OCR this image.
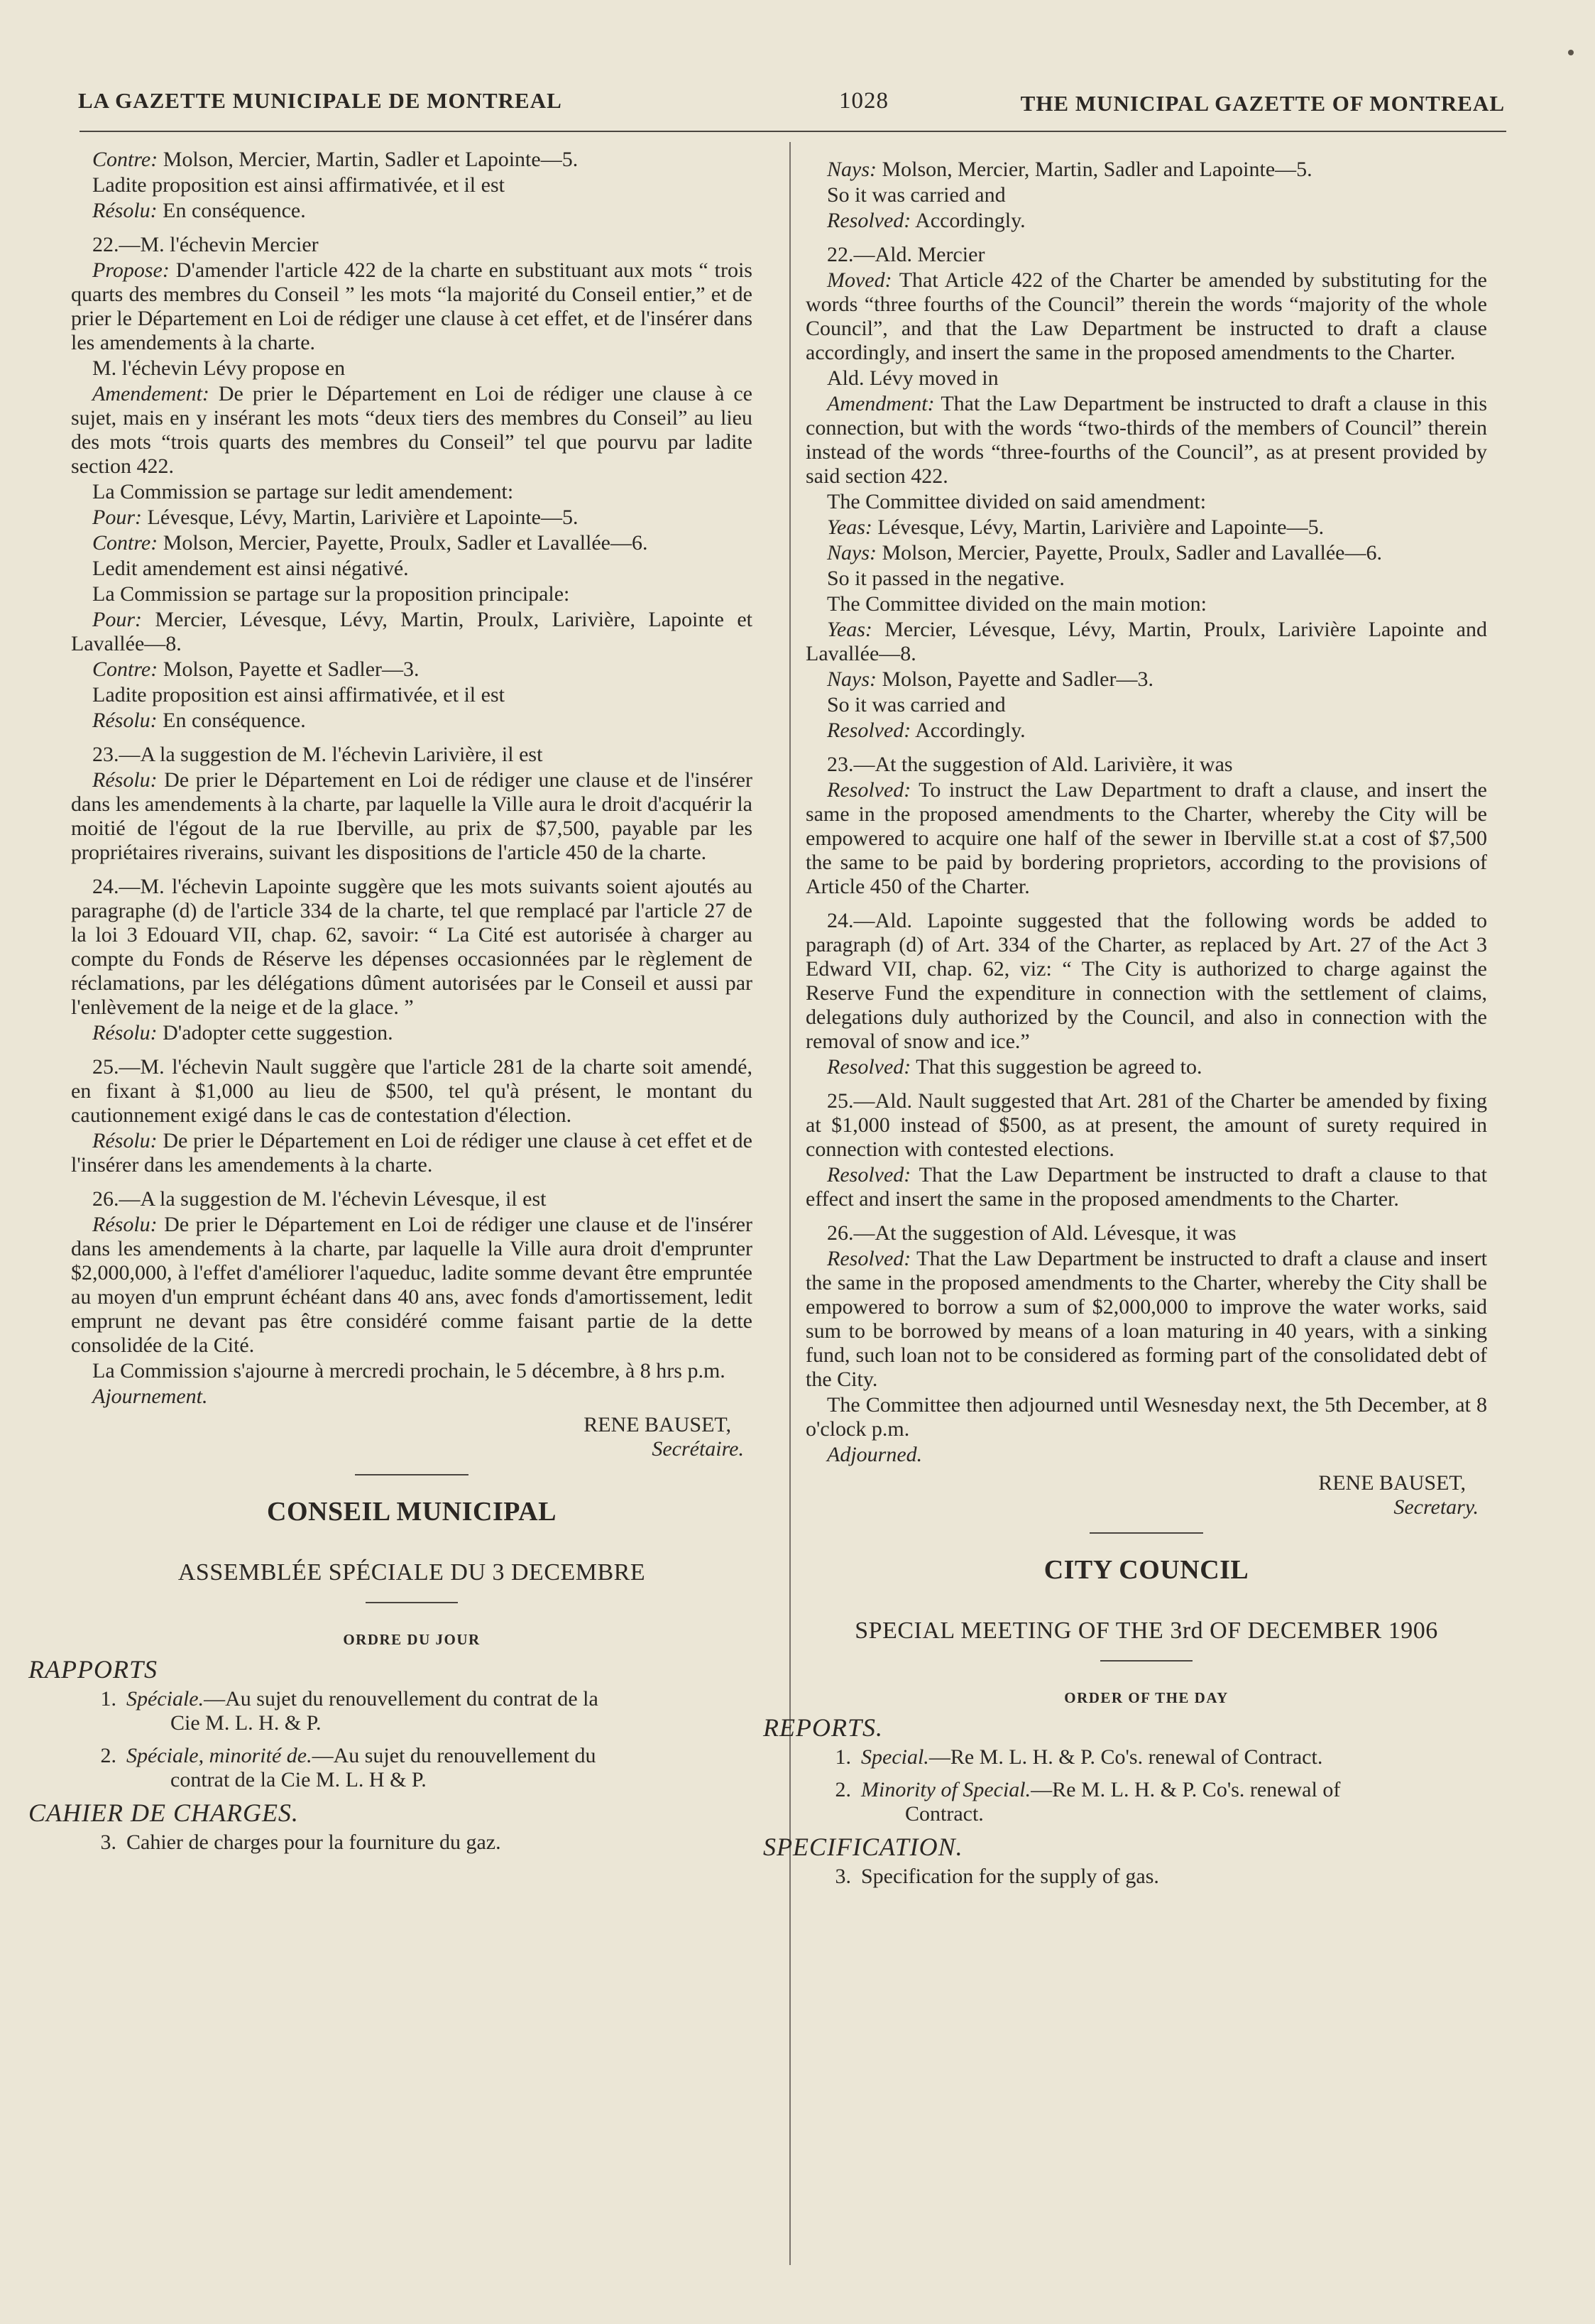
LA GAZETTE MUNICIPALE DE MONTREAL	1028	THE MUNICIPAL GAZETTE OF MONTREAL

Contre: Molson, Mercier, Martin, Sadler et Lapointe—5.

Ladite proposition est ainsi affirmativée, et il est

Résolu: En conséquence.

22.—M. l'échevin Mercier

Propose: D'amender l'article 422 de la charte en substituant aux mots “ trois quarts des membres du Conseil ” les mots “la majorité du Conseil entier,” et de prier le Département en Loi de rédiger une clause à cet effet, et de l'insérer dans les amendements à la charte.

M. l'échevin Lévy propose en

Amendement: De prier le Département en Loi de rédiger une clause à ce sujet, mais en y insérant les mots “deux tiers des membres du Conseil” au lieu des mots “trois quarts des membres du Conseil” tel que pourvu par ladite section 422.

La Commission se partage sur ledit amendement:

Pour: Lévesque, Lévy, Martin, Larivière et Lapointe—5.

Contre: Molson, Mercier, Payette, Proulx, Sadler et Lavallée—6.

Ledit amendement est ainsi négativé.

La Commission se partage sur la proposition principale:

Pour: Mercier, Lévesque, Lévy, Martin, Proulx, Larivière, Lapointe et Lavallée—8.

Contre: Molson, Payette et Sadler—3.

Ladite proposition est ainsi affirmativée, et il est

Résolu: En conséquence.

23.—A la suggestion de M. l'échevin Larivière, il est

Résolu: De prier le Département en Loi de rédiger une clause et de l'insérer dans les amendements à la charte, par laquelle la Ville aura le droit d'acquérir la moitié de l'égout de la rue Iberville, au prix de $7,500, payable par les propriétaires riverains, suivant les dispositions de l'article 450 de la charte.

24.—M. l'échevin Lapointe suggère que les mots suivants soient ajoutés au paragraphe (d) de l'article 334 de la charte, tel que remplacé par l'article 27 de la loi 3 Edouard VII, chap. 62, savoir: “ La Cité est autorisée à charger au compte du Fonds de Réserve les dépenses occasionnées par le règlement de réclamations, par les délégations dûment autorisées par le Conseil et aussi par l'enlèvement de la neige et de la glace. ”

Résolu: D'adopter cette suggestion.

25.—M. l'échevin Nault suggère que l'article 281 de la charte soit amendé, en fixant à $1,000 au lieu de $500, tel qu'à présent, le montant du cautionnement exigé dans le cas de contestation d'élection.

Résolu: De prier le Département en Loi de rédiger une clause à cet effet et de l'insérer dans les amendements à la charte.

26.—A la suggestion de M. l'échevin Lévesque, il est

Résolu: De prier le Département en Loi de rédiger une clause et de l'insérer dans les amendements à la charte, par laquelle la Ville aura droit d'emprunter $2,000,000, à l'effet d'améliorer l'aqueduc, ladite somme devant être empruntée au moyen d'un emprunt échéant dans 40 ans, avec fonds d'amortissement, ledit emprunt ne devant pas être considéré comme faisant partie de la dette consolidée de la Cité.

La Commission s'ajourne à mercredi prochain, le 5 décembre, à 8 hrs p.m.

Ajournement.

RENE BAUSET,

Secrétaire.

CONSEIL MUNICIPAL
ASSEMBLÉE SPÉCIALE DU 3 DECEMBRE
ORDRE DU JOUR
RAPPORTS
1. Spéciale.—Au sujet du renouvellement du contrat de la
Cie M. L. H. & P.
2. Spéciale, minorité de.—Au sujet du renouvellement du
contrat de la Cie M. L. H & P.
CAHIER DE CHARGES.
3. Cahier de charges pour la fourniture du gaz.

Nays: Molson, Mercier, Martin, Sadler and Lapointe—5.

So it was carried and

Resolved: Accordingly.

22.—Ald. Mercier

Moved: That Article 422 of the Charter be amended by substituting for the words “three fourths of the Council” therein the words “majority of the whole Council”, and that the Law Department be instructed to draft a clause accordingly, and insert the same in the proposed amendments to the Charter.

Ald. Lévy moved in

Amendment: That the Law Department be instructed to draft a clause in this connection, but with the words “two-thirds of the members of Council” therein instead of the words “three-fourths of the Council”, as at present provided by said section 422.

The Committee divided on said amendment:

Yeas: Lévesque, Lévy, Martin, Larivière and Lapointe—5.

Nays: Molson, Mercier, Payette, Proulx, Sadler and Lavallée—6.

So it passed in the negative.

The Committee divided on the main motion:

Yeas: Mercier, Lévesque, Lévy, Martin, Proulx, Larivière Lapointe and Lavallée—8.

Nays: Molson, Payette and Sadler—3.

So it was carried and

Resolved: Accordingly.

23.—At the suggestion of Ald. Larivière, it was

Resolved: To instruct the Law Department to draft a clause, and insert the same in the proposed amendments to the Charter, whereby the City will be empowered to acquire one half of the sewer in Iberville st.at a cost of $7,500 the same to be paid by bordering proprietors, according to the provisions of Article 450 of the Charter.

24.—Ald. Lapointe suggested that the following words be added to paragraph (d) of Art. 334 of the Charter, as replaced by Art. 27 of the Act 3 Edward VII, chap. 62, viz: “ The City is authorized to charge against the Reserve Fund the expenditure in connection with the settlement of claims, delegations duly authorized by the Council, and also in connection with the removal of snow and ice.”

Resolved: That this suggestion be agreed to.

25.—Ald. Nault suggested that Art. 281 of the Charter be amended by fixing at $1,000 instead of $500, as at present, the amount of surety required in connection with contested elections.

Resolved: That the Law Department be instructed to draft a clause to that effect and insert the same in the proposed amendments to the Charter.

26.—At the suggestion of Ald. Lévesque, it was

Resolved: That the Law Department be instructed to draft a clause and insert the same in the proposed amendments to the Charter, whereby the City shall be empowered to borrow a sum of $2,000,000 to improve the water works, said sum to be borrowed by means of a loan maturing in 40 years, with a sinking fund, such loan not to be considered as forming part of the consolidated debt of the City.

The Committee then adjourned until Wesnesday next, the 5th December, at 8 o'clock p.m.

Adjourned.

RENE BAUSET,

Secretary.

CITY COUNCIL
SPECIAL MEETING OF THE 3rd OF DECEMBER 1906
ORDER OF THE DAY
REPORTS.
1. Special.—Re M. L. H. & P. Co's. renewal of Contract.
2. Minority of Special.—Re M. L. H. & P. Co's. renewal of
Contract.
SPECIFICATION.
3. Specification for the supply of gas.
